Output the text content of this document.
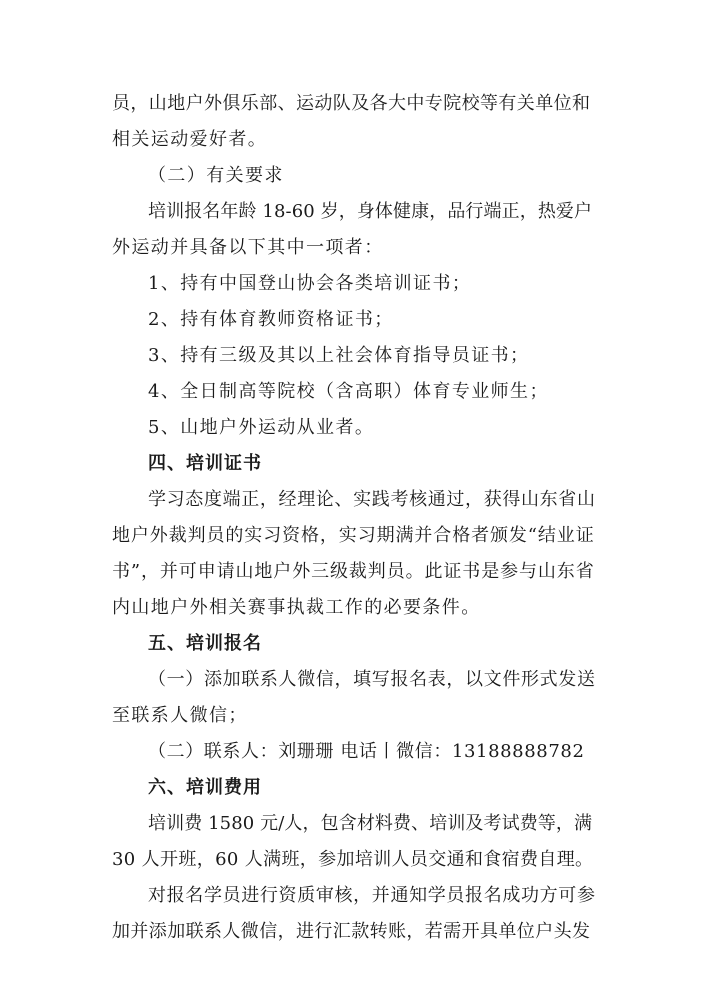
员，山地户外俱乐部、运动队及各大中专院校等有关单位和
相关运动爱好者。
（二）有关要求
培训报名年龄 18-60 岁，身体健康，品行端正，热爱户
外运动并具备以下其中一项者：
1、持有中国登山协会各类培训证书；
2、持有体育教师资格证书；
3、持有三级及其以上社会体育指导员证书；
4、全日制高等院校（含高职）体育专业师生；
5、山地户外运动从业者。
四、培训证书
学习态度端正，经理论、实践考核通过，获得山东省山
地户外裁判员的实习资格，实习期满并合格者颁发“结业证
书”，并可申请山地户外三级裁判员。此证书是参与山东省
内山地户外相关赛事执裁工作的必要条件。
五、培训报名
（一）添加联系人微信，填写报名表，以文件形式发送
至联系人微信；
（二）联系人：刘珊珊 电话丨微信：13188888782
六、培训费用
培训费 1580 元/人，包含材料费、培训及考试费等，满
30 人开班，60 人满班，参加培训人员交通和食宿费自理。
对报名学员进行资质审核，并通知学员报名成功方可参
加并添加联系人微信，进行汇款转账，若需开具单位户头发
